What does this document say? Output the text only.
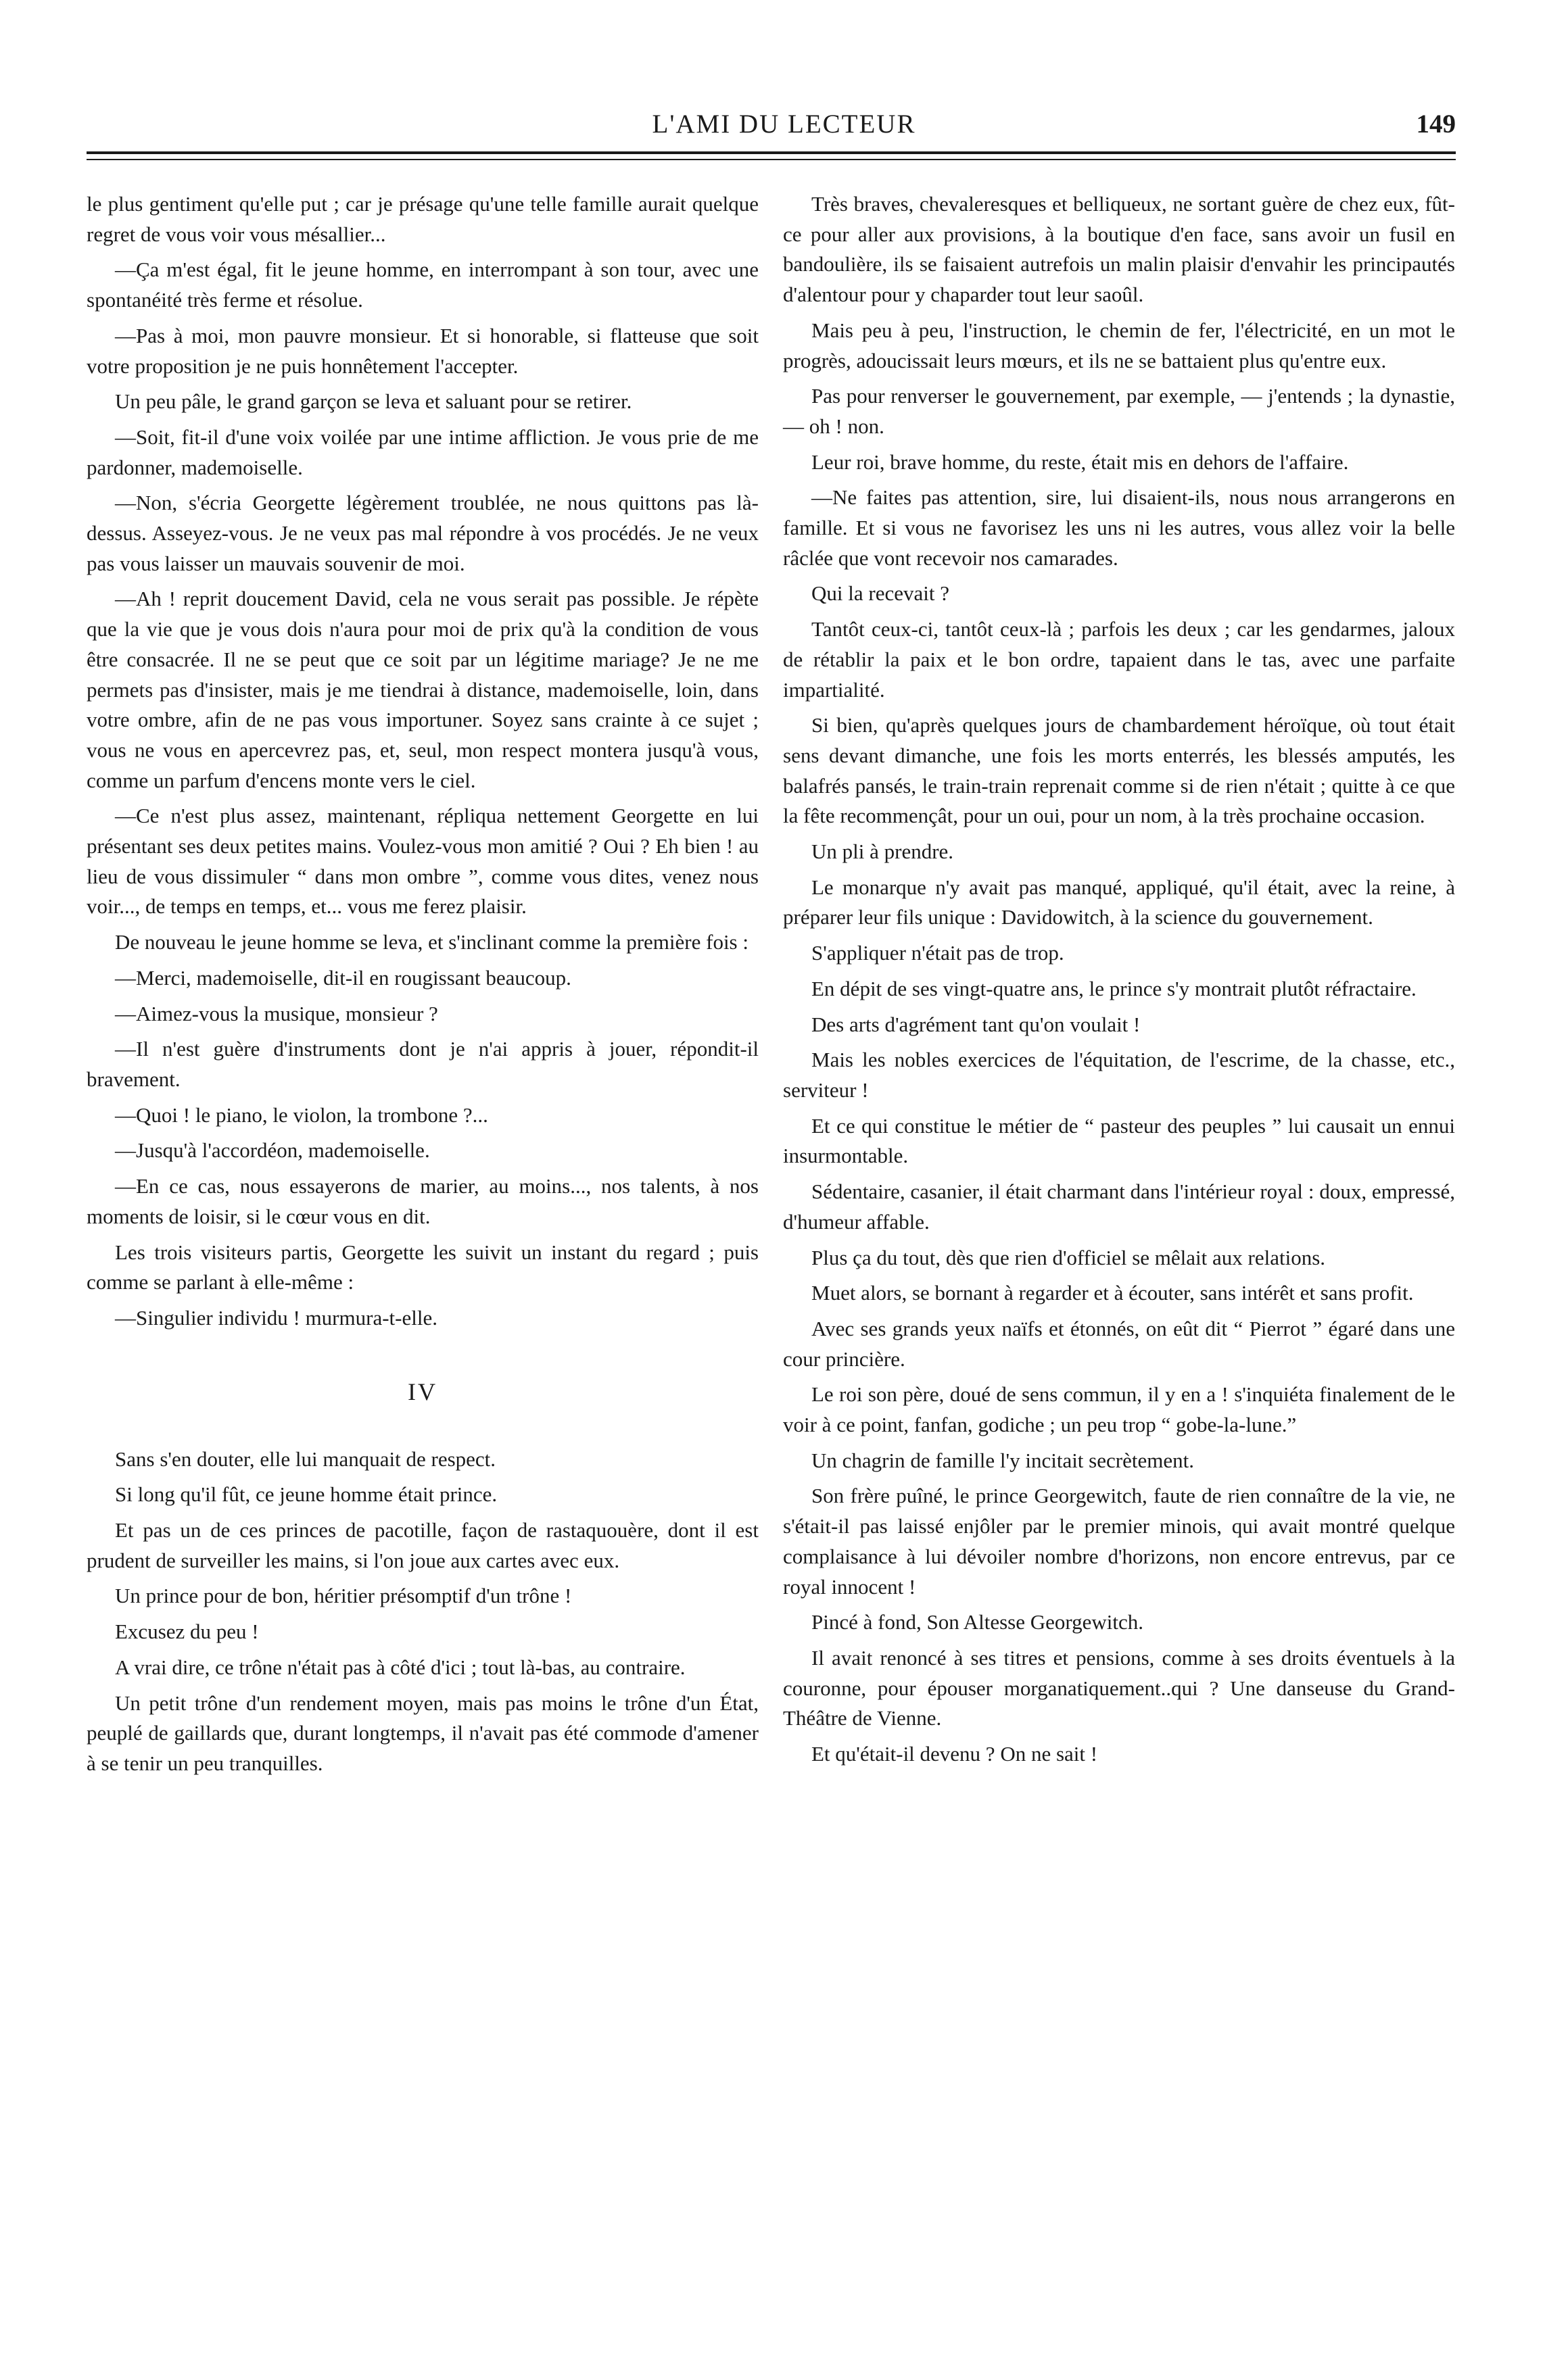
L'AMI DU LECTEUR	149

le plus gentiment qu'elle put ; car je présage qu'une telle famille aurait quelque regret de vous voir vous mésallier...

—Ça m'est égal, fit le jeune homme, en interrompant à son tour, avec une spontanéité très ferme et résolue.

—Pas à moi, mon pauvre monsieur. Et si honorable, si flatteuse que soit votre proposition je ne puis honnêtement l'accepter.

Un peu pâle, le grand garçon se leva et saluant pour se retirer.

—Soit, fit-il d'une voix voilée par une intime affliction. Je vous prie de me pardonner, mademoiselle.

—Non, s'écria Georgette légèrement troublée, ne nous quittons pas là-dessus. Asseyez-vous. Je ne veux pas mal répondre à vos procédés. Je ne veux pas vous laisser un mauvais souvenir de moi.

—Ah ! reprit doucement David, cela ne vous serait pas possible. Je répète que la vie que je vous dois n'aura pour moi de prix qu'à la condition de vous être consacrée. Il ne se peut que ce soit par un légitime mariage? Je ne me permets pas d'insister, mais je me tiendrai à distance, mademoiselle, loin, dans votre ombre, afin de ne pas vous importuner. Soyez sans crainte à ce sujet ; vous ne vous en apercevrez pas, et, seul, mon respect montera jusqu'à vous, comme un parfum d'encens monte vers le ciel.

—Ce n'est plus assez, maintenant, répliqua nettement Georgette en lui présentant ses deux petites mains. Voulez-vous mon amitié ? Oui ? Eh bien ! au lieu de vous dissimuler “ dans mon ombre ”, comme vous dites, venez nous voir..., de temps en temps, et... vous me ferez plaisir.

De nouveau le jeune homme se leva, et s'inclinant comme la première fois :

—Merci, mademoiselle, dit-il en rougissant beaucoup.

—Aimez-vous la musique, monsieur ?

—Il n'est guère d'instruments dont je n'ai appris à jouer, répondit-il bravement.

—Quoi ! le piano, le violon, la trombone ?...

—Jusqu'à l'accordéon, mademoiselle.

—En ce cas, nous essayerons de marier, au moins..., nos talents, à nos moments de loisir, si le cœur vous en dit.

Les trois visiteurs partis, Georgette les suivit un instant du regard ; puis comme se parlant à elle-même :

—Singulier individu ! murmura-t-elle.

IV

Sans s'en douter, elle lui manquait de respect.

Si long qu'il fût, ce jeune homme était prince.

Et pas un de ces princes de pacotille, façon de rastaquouère, dont il est prudent de surveiller les mains, si l'on joue aux cartes avec eux.

Un prince pour de bon, héritier présomptif d'un trône !

Excusez du peu !

A vrai dire, ce trône n'était pas à côté d'ici ; tout là-bas, au contraire.

Un petit trône d'un rendement moyen, mais pas moins le trône d'un État, peuplé de gaillards que, durant longtemps, il n'avait pas été commode d'amener à se tenir un peu tranquilles.

Très braves, chevaleresques et belliqueux, ne sortant guère de chez eux, fût-ce pour aller aux provisions, à la boutique d'en face, sans avoir un fusil en bandoulière, ils se faisaient autrefois un malin plaisir d'envahir les principautés d'alentour pour y chaparder tout leur saoûl.

Mais peu à peu, l'instruction, le chemin de fer, l'électricité, en un mot le progrès, adoucissait leurs mœurs, et ils ne se battaient plus qu'entre eux.

Pas pour renverser le gouvernement, par exemple, — j'entends ; la dynastie, — oh ! non.

Leur roi, brave homme, du reste, était mis en dehors de l'affaire.

—Ne faites pas attention, sire, lui disaient-ils, nous nous arrangerons en famille. Et si vous ne favorisez les uns ni les autres, vous allez voir la belle râclée que vont recevoir nos camarades.

Qui la recevait ?

Tantôt ceux-ci, tantôt ceux-là ; parfois les deux ; car les gendarmes, jaloux de rétablir la paix et le bon ordre, tapaient dans le tas, avec une parfaite impartialité.

Si bien, qu'après quelques jours de chambardement héroïque, où tout était sens devant dimanche, une fois les morts enterrés, les blessés amputés, les balafrés pansés, le train-train reprenait comme si de rien n'était ; quitte à ce que la fête recommençât, pour un oui, pour un nom, à la très prochaine occasion.

Un pli à prendre.

Le monarque n'y avait pas manqué, appliqué, qu'il était, avec la reine, à préparer leur fils unique : Davidowitch, à la science du gouvernement.

S'appliquer n'était pas de trop.

En dépit de ses vingt-quatre ans, le prince s'y montrait plutôt réfractaire.

Des arts d'agrément tant qu'on voulait !

Mais les nobles exercices de l'équitation, de l'escrime, de la chasse, etc., serviteur !

Et ce qui constitue le métier de “ pasteur des peuples ” lui causait un ennui insurmontable.

Sédentaire, casanier, il était charmant dans l'intérieur royal : doux, empressé, d'humeur affable.

Plus ça du tout, dès que rien d'officiel se mêlait aux relations.

Muet alors, se bornant à regarder et à écouter, sans intérêt et sans profit.

Avec ses grands yeux naïfs et étonnés, on eût dit “ Pierrot ” égaré dans une cour princière.

Le roi son père, doué de sens commun, il y en a ! s'inquiéta finalement de le voir à ce point, fanfan, godiche ; un peu trop “ gobe-la-lune.”

Un chagrin de famille l'y incitait secrètement.

Son frère puîné, le prince Georgewitch, faute de rien connaître de la vie, ne s'était-il pas laissé enjôler par le premier minois, qui avait montré quelque complaisance à lui dévoiler nombre d'horizons, non encore entrevus, par ce royal innocent !

Pincé à fond, Son Altesse Georgewitch.

Il avait renoncé à ses titres et pensions, comme à ses droits éventuels à la couronne, pour épouser morganatiquement..qui ? Une danseuse du Grand-Théâtre de Vienne.

Et qu'était-il devenu ? On ne sait !
